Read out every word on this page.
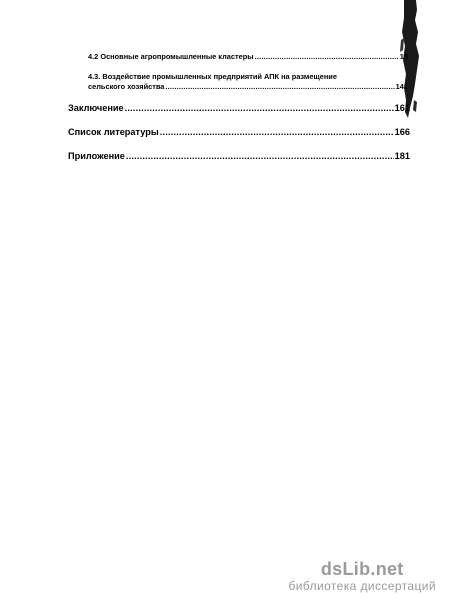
4.2 Основные агропромышленные кластеры .....	13
4.3. Воздействие промышленных предприятий АПК на размещение
сельского хозяйства .....	141
Заключение .....	161
Список литературы .....	166
Приложение .....	181
dsLib.net
библиотека диссертаций
